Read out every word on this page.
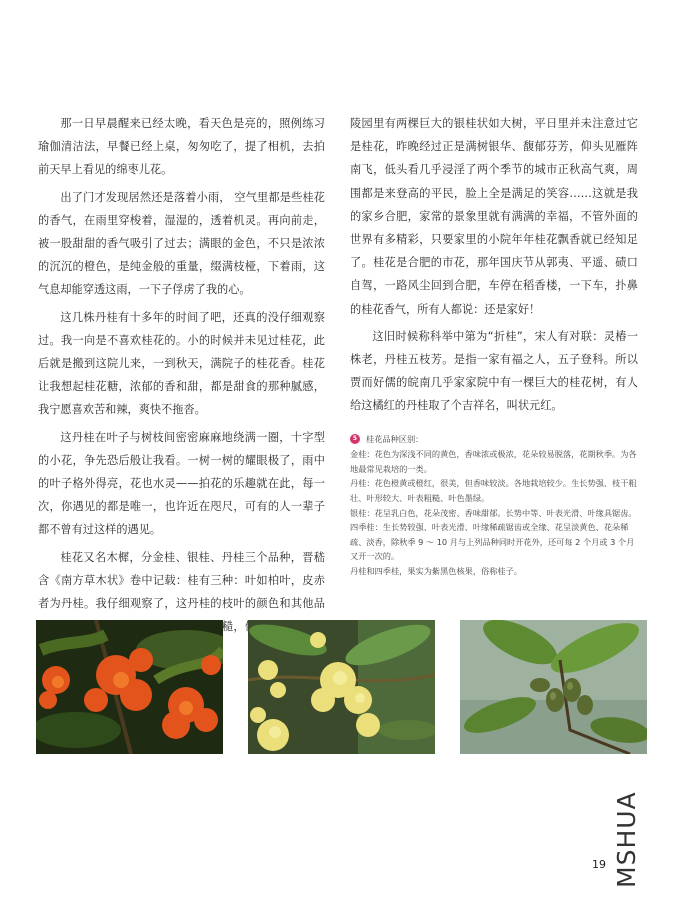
那一日早晨醒来已经太晚，看天色是亮的，照例练习瑜伽清洁法，早餐已经上桌，匆匆吃了，提了相机，去拍前天早上看见的绵枣儿花。

出了门才发现居然还是落着小雨， 空气里都是些桂花的香气，在雨里穿梭着，湿湿的，透着机灵。再向前走，被一股甜甜的香气吸引了过去；满眼的金色，不只是浓浓的沉沉的橙色，是纯金般的重量，缀满枝桠，下着雨，这气息却能穿透这雨，一下子俘虏了我的心。

这几株丹桂有十多年的时间了吧，还真的没仔细观察过。我一向是不喜欢桂花的。小的时候并未见过桂花，此后就是搬到这院儿来，一到秋天，满院子的桂花香。桂花让我想起桂花糖，浓郁的香和甜，都是甜食的那种腻感，我宁愿喜欢苦和辣，爽快不拖沓。

这丹桂在叶子与树枝间密密麻麻地绕满一圈，十字型的小花，争先恐后般让我看。一树一树的耀眼极了，雨中的叶子格外得亮，花也水灵——拍花的乐趣就在此，每一次，你遇见的都是唯一，也许近在咫尺，可有的人一辈子都不曾有过这样的遇见。

桂花又名木樨，分金桂、银桂、丹桂三个品种，晋嵇含《南方草木状》卷中记载：桂有三种：叶如柏叶，皮赤者为丹桂。我仔细观察了，这丹桂的枝叶的颜色和其他品 糙，

陵园里有两棵巨大的银桂状如大树，平日里并未注意过它是桂花，昨晚经过正是满树银华、馥郁芬芳，仰头见雁阵南飞，低头看几乎浸淫了两个季节的城市正秋高气爽，周围都是来登高的平民，脸上全是满足的笑容……这就是我的家乡合肥，家常的景象里就有满满的幸福，不管外面的世界有多精彩，只要家里的小院年年桂花飘香就已经知足了。桂花是合肥的市花，那年国庆节从郭夷、平遥、碛口自驾，一路风尘回到合肥，车停在稻香楼，一下车，扑鼻的桂花香气，所有人都说：还是家好！

这旧时候称科举中第为“折桂”，宋人有对联：灵椿一株老，丹桂五枝芳。是指一家有福之人，五子登科。所以贾而好儒的皖南几乎家家院中有一棵巨大的桂花树，有人给这橘红的丹桂取了个吉祥名，叫状元红。

5	桂花品种区别：

金桂：花色为深浅不同的黄色，香味浓或极浓，花朵较易脱落，花期秋季。为各地最常见栽培的一类。

丹桂：花色橙黄或橙红，很美，但香味较淡。各地栽培较少。生长势强、枝干粗壮、叶形较大、叶表粗糙、叶色墨绿。

银桂：花呈乳白色，花朵茂密、香味甜郁。长势中等、叶表光滑、叶缘具锯齿。

四季桂：生长势较强、叶表光滑、叶缘稀疏锯齿或全缘、花呈淡黄色、花朵稀疏、淡香，除秋季 9 ～ 10 月与上列品种同时开花外，还可每 2 个月或 3 个月又开一次的。

丹桂和四季桂，果实为紫黑色核果，俗称桂子。

MSHUA
19
